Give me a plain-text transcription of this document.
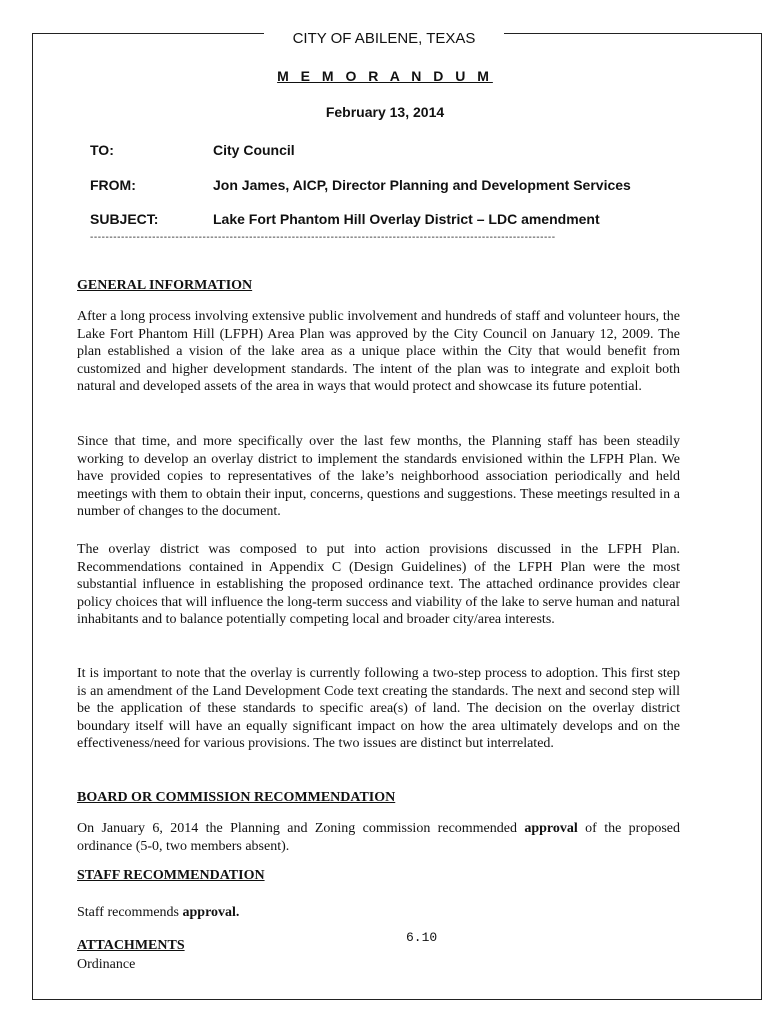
CITY OF ABILENE, TEXAS
M E M O R A N D U M
February 13, 2014
TO:	City Council
FROM:	Jon James, AICP, Director Planning and Development Services
SUBJECT:	Lake Fort Phantom Hill Overlay District – LDC amendment
------------------------------------------------------------------------------------------------------------------------
GENERAL INFORMATION

After a long process involving extensive public involvement and hundreds of staff and volunteer hours, the Lake Fort Phantom Hill (LFPH) Area Plan was approved by the City Council on January 12, 2009. The plan established a vision of the lake area as a unique place within the City that would benefit from customized and higher development standards. The intent of the plan was to integrate and exploit both natural and developed assets of the area in ways that would protect and showcase its future potential.

Since that time, and more specifically over the last few months, the Planning staff has been steadily working to develop an overlay district to implement the standards envisioned within the LFPH Plan. We have provided copies to representatives of the lake’s neighborhood association periodically and held meetings with them to obtain their input, concerns, questions and suggestions. These meetings resulted in a number of changes to the document.

The overlay district was composed to put into action provisions discussed in the LFPH Plan. Recommendations contained in Appendix C (Design Guidelines) of the LFPH Plan were the most substantial influence in establishing the proposed ordinance text. The attached ordinance provides clear policy choices that will influence the long-term success and viability of the lake to serve human and natural inhabitants and to balance potentially competing local and broader city/area interests.

It is important to note that the overlay is currently following a two-step process to adoption. This first step is an amendment of the Land Development Code text creating the standards. The next and second step will be the application of these standards to specific area(s) of land. The decision on the overlay district boundary itself will have an equally significant impact on how the area ultimately develops and on the effectiveness/need for various provisions. The two issues are distinct but interrelated.

BOARD OR COMMISSION RECOMMENDATION

On January 6, 2014 the Planning and Zoning commission recommended approval of the proposed ordinance (5-0, two members absent).

STAFF RECOMMENDATION

Staff recommends approval.

6.10
ATTACHMENTS
Ordinance
